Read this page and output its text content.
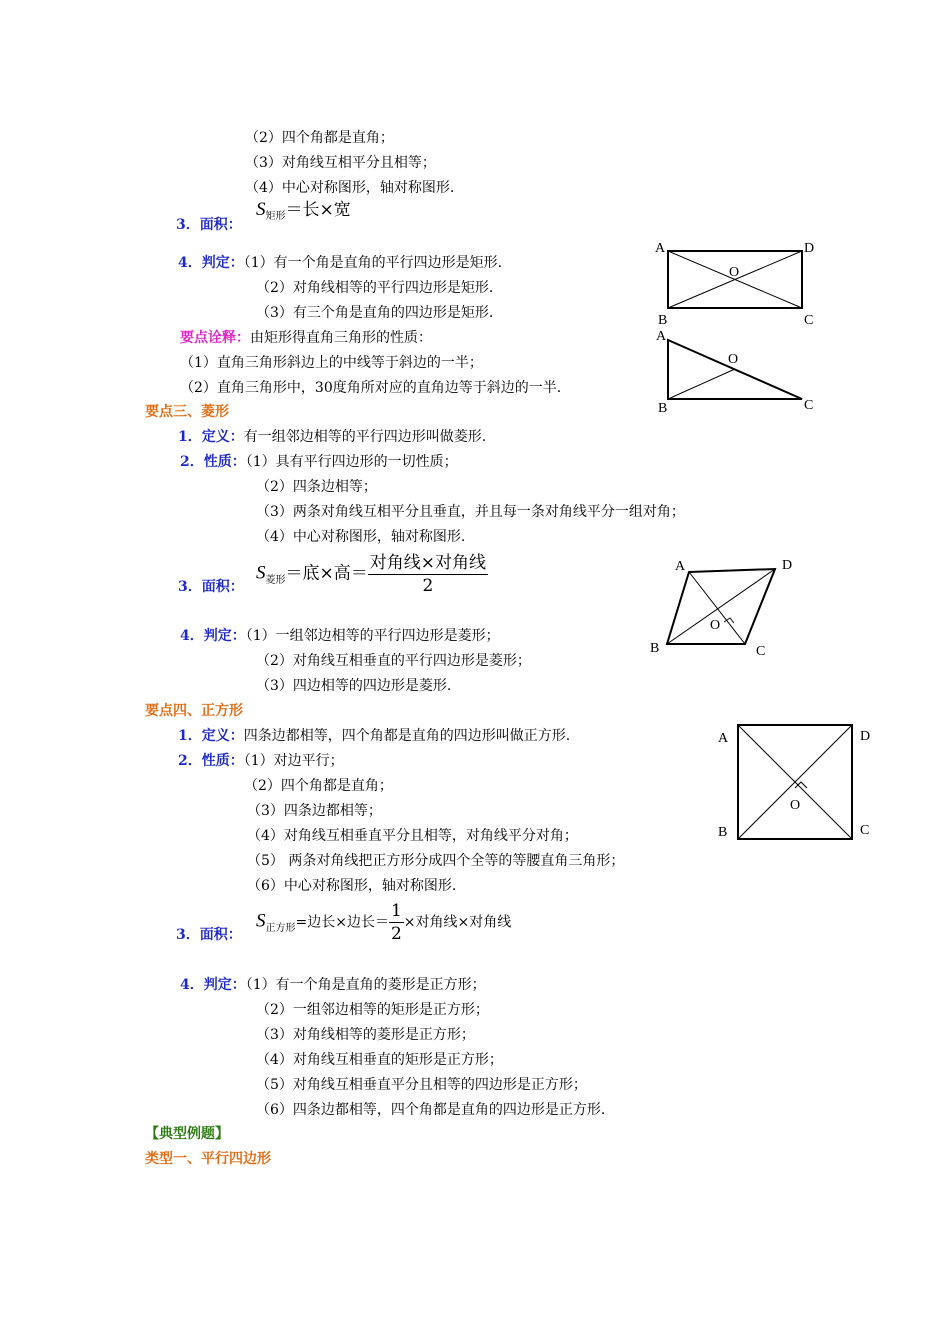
（2）四个角都是直角；
（3）对角线互相平分且相等；
（4）中心对称图形，轴对称图形.
3．面积：
$S_{矩形}=$长×宽
4．判定：（1）有一个角是直角的平行四边形是矩形.
（2）对角线相等的平行四边形是矩形.
（3）有三个角是直角的四边形是矩形.
要点诠释：由矩形得直角三角形的性质：
（1）直角三角形斜边上的中线等于斜边的一半；
（2）直角三角形中，30度角所对应的直角边等于斜边的一半.
要点三、菱形
1．定义：有一组邻边相等的平行四边形叫做菱形.
2．性质：（1）具有平行四边形的一切性质；
（2）四条边相等；
（3）两条对角线互相平分且垂直，并且每一条对角线平分一组对角；
（4）中心对称图形，轴对称图形.
3．面积：
$S_{菱形}=$底×高＝ $\frac{\text{对角线×对角线}}{2}$
4．判定：（1）一组邻边相等的平行四边形是菱形；
（2）对角线互相垂直的平行四边形是菱形；
（3）四边相等的四边形是菱形.
要点四、正方形
1．定义：四条边都相等，四个角都是直角的四边形叫做正方形.
2．性质：（1）对边平行；
（2）四个角都是直角；
（3）四条边都相等；
（4）对角线互相垂直平分且相等，对角线平分对角；
（5） 两条对角线把正方形分成四个全等的等腰直角三角形；
（6）中心对称图形，轴对称图形.
3．面积：
$S_{正方形}=$边长×边长＝ $\frac{1}{2}$ ×对角线×对角线
4．判定：（1）有一个角是直角的菱形是正方形；
（2）一组邻边相等的矩形是正方形；
（3）对角线相等的菱形是正方形；
（4）对角线互相垂直的矩形是正方形；
（5）对角线互相垂直平分且相等的四边形是正方形；
（6）四条边都相等，四个角都是直角的四边形是正方形.
【典型例题】
类型一、平行四边形
A	D
O
B	C
A
O
B	C
A	D
O
B	C
A	D
O
B	C
